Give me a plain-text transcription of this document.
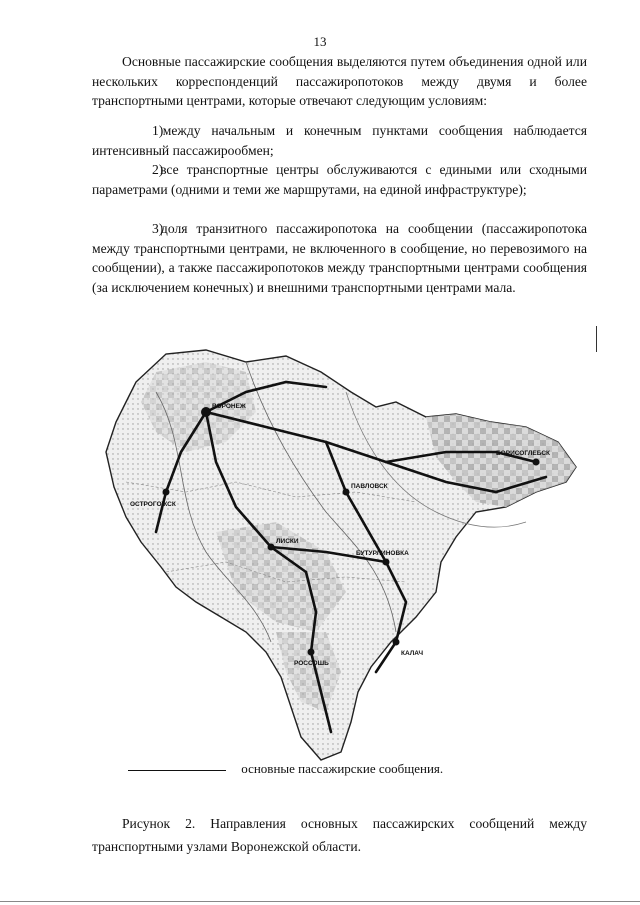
13

Основные пассажирские сообщения выделяются путем объединения одной или нескольких корреспонденций пассажиропотоков между двумя и более транспортными центрами, которые отвечают следующим условиям:

1) между начальным и конечным пунктами сообщения наблюдается интенсивный пассажирообмен;

2) все транспортные центры обслуживаются с едиными или сходными параметрами (одними и теми же маршрутами, на единой инфраструктуре);

3) доля транзитного пассажиропотока на сообщении (пассажиропотока между транспортными центрами, не включенного в сообщение, но перевозимого на сообщении), а также пассажиропотоков между транспортными центрами сообщения (за исключением конечных) и внешними транспортными центрами мала.

ВОРОНЕЖ
ОСТРОГОЖСК
ЛИСКИ
БУТУРЛИНОВКА
РОССОШЬ
БОРИСОГЛЕБСК
КАЛАЧ
ПАВЛОВСК
основные пассажирские сообщения.

Рисунок 2. Направления основных пассажирских сообщений между транспортными узлами Воронежской области.
